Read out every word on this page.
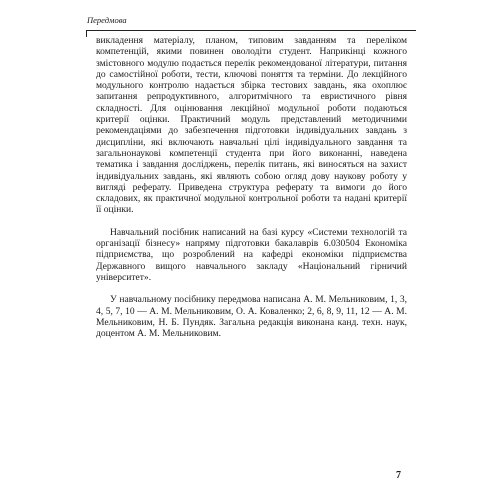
Передмова

викладення матеріалу, планом, типовим завданням та переліком компетенцій, якими повинен оволодіти студент. Наприкінці кожного змістовного модулю подається перелік рекомендованої літератури, питання до самостійної роботи, тести, ключові поняття та терміни. До лекційного модульного контролю надається збірка тестових завдань, яка охоплює запитання репродуктивного, алгоритмічного та евристичного рівня складності. Для оцінювання лекційної модульної роботи подаються критерії оцінки. Практичний модуль представлений методичними рекомендаціями до забезпечення підготовки індивідуальних завдань з дисципліни, які включають навчальні цілі індивідуального завдання та загальнонаукові компетенції студента при його виконанні, наведена тематика і завдання досліджень, перелік питань, які виносяться на захист індивідуальних завдань, які являють собою огляд дову наукову роботу у вигляді реферату. Приведена структура реферату та вимоги до його складових, як практичної модульної контрольної роботи та надані критерії її оцінки.

Навчальний посібник написаний на базі курсу «Системи технологій та організації бізнесу» напряму підготовки бакалаврів 6.030504 Економіка підприємства, що розроблений на кафедрі економіки підприємства Державного вищого навчального закладу «Національний гірничий університет».

У навчальному посібнику передмова написана А. М. Мельниковим, 1, 3, 4, 5, 7, 10 — А. М. Мельниковим, О. А. Коваленко; 2, 6, 8, 9, 11, 12 — А. М. Мельниковим, Н. Б. Пундяк. Загальна редакція виконана канд. техн. наук, доцентом А. М. Мельниковим.

7
